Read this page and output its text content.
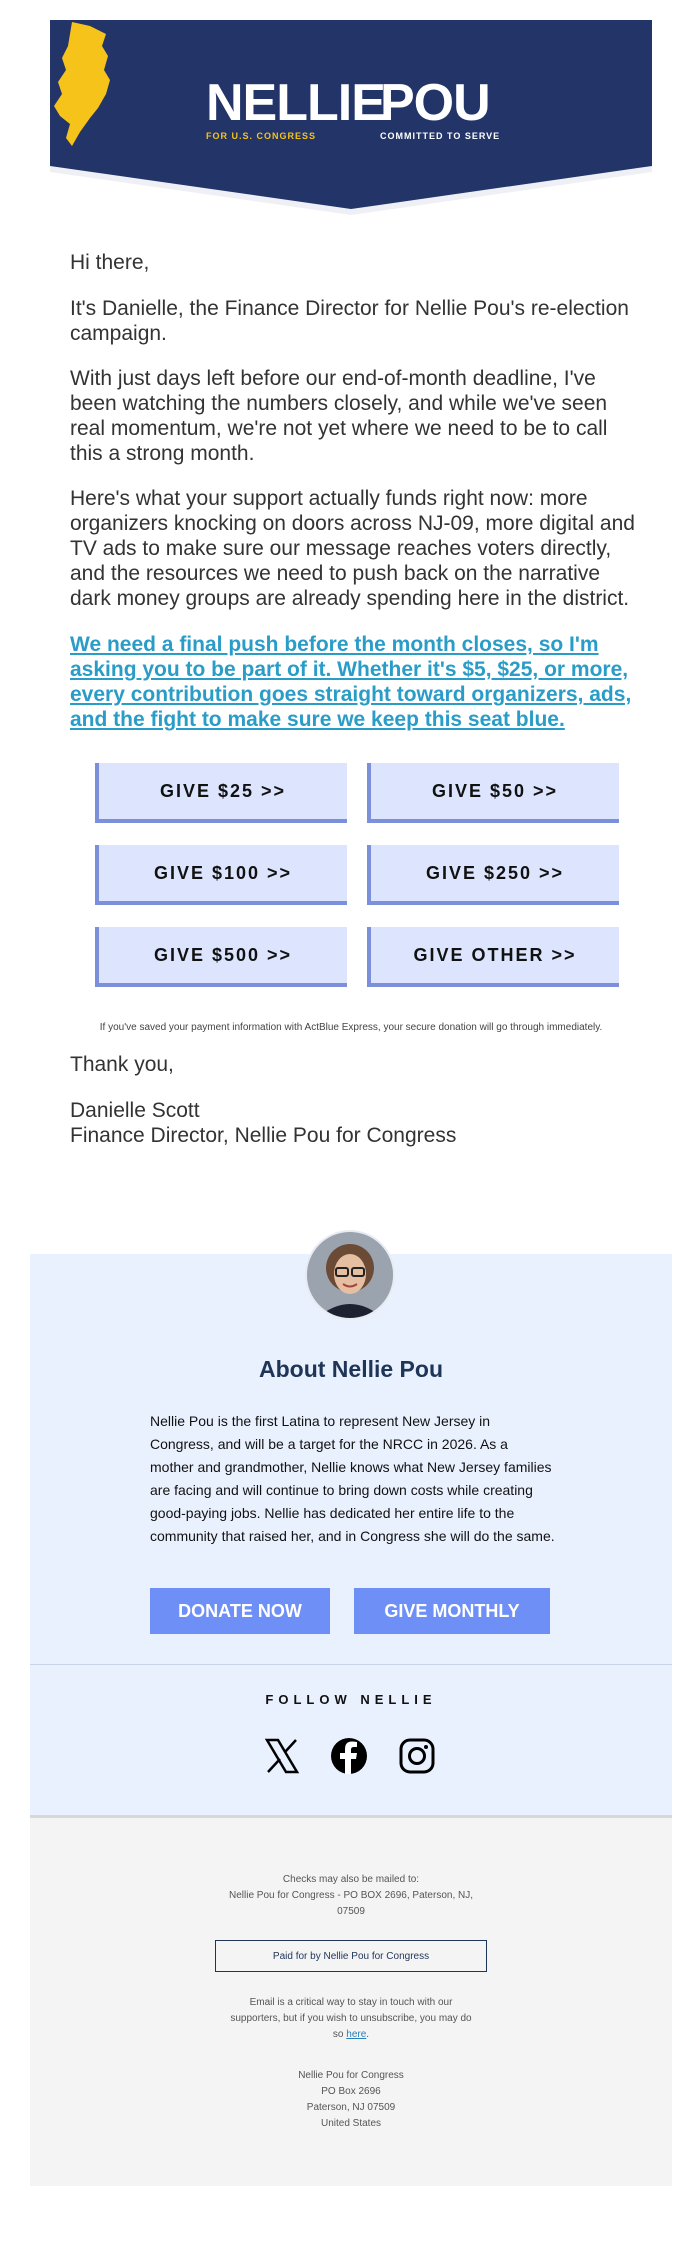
NELLIE
FOR U.S. CONGRESS
POU
COMMITTED TO SERVE

Hi there,

It's Danielle, the Finance Director for Nellie Pou's re-election campaign.

With just days left before our end-of-month deadline, I've been watching the numbers closely, and while we've seen real momentum, we're not yet where we need to be to call this a strong month.

Here's what your support actually funds right now: more organizers knocking on doors across NJ-09, more digital and TV ads to make sure our message reaches voters directly, and the resources we need to push back on the narrative dark money groups are already spending here in the district.

We need a final push before the month closes, so I'm asking you to be part of it. Whether it's $5, $25, or more, every contribution goes straight toward organizers, ads, and the fight to make sure we keep this seat blue.

GIVE $25 >>	GIVE $50 >>
GIVE $100 >>	GIVE $250 >>
GIVE $500 >>	GIVE OTHER >>
If you've saved your payment information with ActBlue Express, your secure donation will go through immediately.

Thank you,

Danielle Scott

Finance Director, Nellie Pou for Congress

About Nellie Pou

Nellie Pou is the first Latina to represent New Jersey in Congress, and will be a target for the NRCC in 2026. As a mother and grandmother, Nellie knows what New Jersey families are facing and will continue to bring down costs while creating good-paying jobs. Nellie has dedicated her entire life to the community that raised her, and in Congress she will do the same.

DONATE NOW	GIVE MONTHLY
FOLLOW NELLIE
Checks may also be mailed to:
Nellie Pou for Congress - PO BOX 2696, Paterson, NJ, 07509
Paid for by Nellie Pou for Congress
Email is a critical way to stay in touch with our supporters, but if you wish to unsubscribe, you may do so here.
Nellie Pou for Congress
PO Box 2696
Paterson, NJ 07509
United States
